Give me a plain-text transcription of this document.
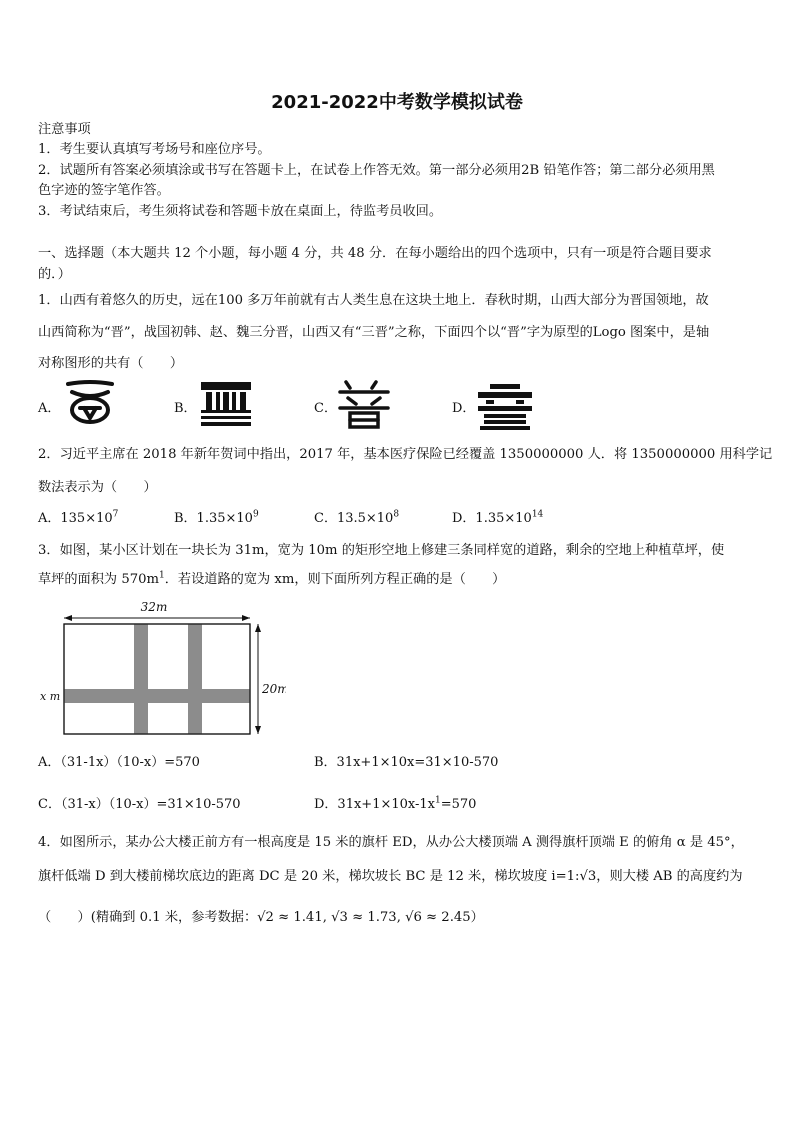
2021-2022中考数学模拟试卷
注意事项
1．考生要认真填写考场号和座位序号。
2．试题所有答案必须填涂或书写在答题卡上，在试卷上作答无效。第一部分必须用2B 铅笔作答；第二部分必须用黑
色字迹的签字笔作答。
3．考试结束后，考生须将试卷和答题卡放在桌面上，待监考员收回。
一、选择题（本大题共 12 个小题，每小题 4 分，共 48 分．在每小题给出的四个选项中，只有一项是符合题目要求
的．）
1．山西有着悠久的历史，远在100 多万年前就有古人类生息在这块土地上．春秋时期，山西大部分为晋国领地，故
山西简称为“晋”，战国初韩、赵、魏三分晋，山西又有“三晋”之称，下面四个以“晋”字为原型的Logo 图案中，是轴
对称图形的共有（　　）
A．	B．	C．	D．
2．习近平主席在 2018 年新年贺词中指出，2017 年，基本医疗保险已经覆盖 1350000000 人．将 1350000000 用科学记
数法表示为（　　）
A．$135\times 10^7$	B．$1.35\times 10^9$	C．$13.5\times 10^8$	D．$1.35\times 10^{14}$
3．如图，某小区计划在一块长为 31m，宽为 10m 的矩形空地上修建三条同样宽的道路，剩余的空地上种植草坪，使
草坪的面积为 $570m^1$．若设道路的宽为 xm，则下面所列方程正确的是（　　）
32m
20m
x m
A．（31-1x）（10-x）=570	B．31x+1×10x=31×10-570
C．（31-x）（10-x）=31×10-570	D．$31x+1\times 10x-1x^1=570$
4．如图所示，某办公大楼正前方有一根高度是 15 米的旗杆 ED，从办公大楼顶端 A 测得旗杆顶端 E 的俯角 α 是 45°，
旗杆低端 D 到大楼前梯坎底边的距离 DC 是 20 米，梯坎坡长 BC 是 12 米，梯坎坡度 i=1:√3，则大楼 AB 的高度约为
（　　）(精确到 0.1 米，参考数据：√2 ≈ 1.41, √3 ≈ 1.73, √6 ≈ 2.45）
